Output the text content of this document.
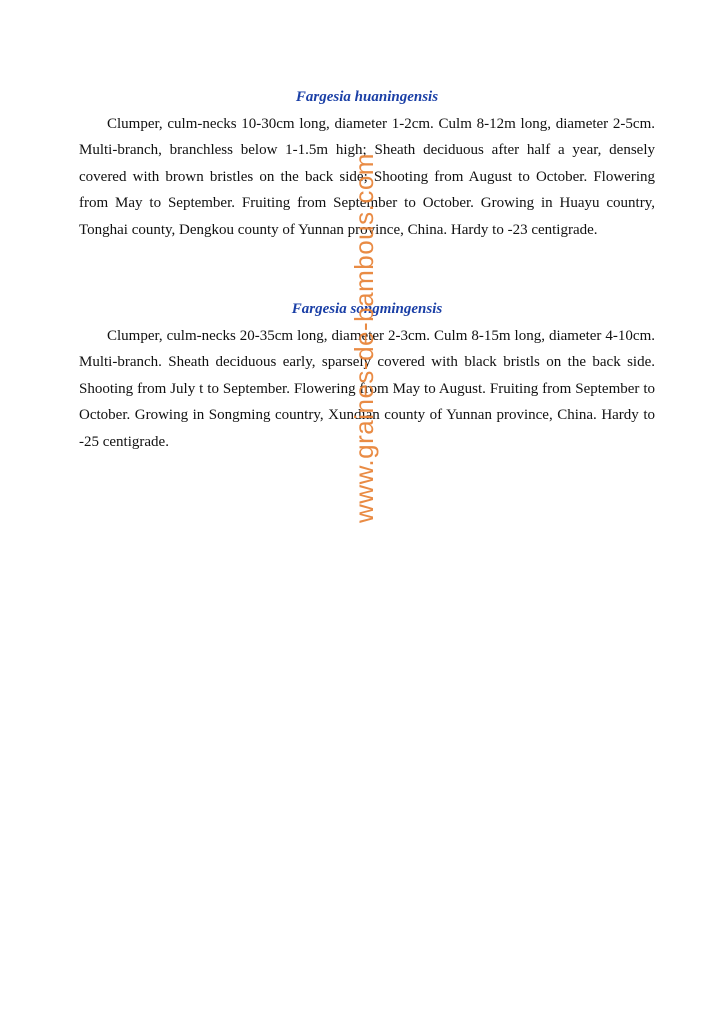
Fargesia huaningensis

Clumper, culm-necks 10-30cm long, diameter 1-2cm. Culm 8-12m long, diameter 2-5cm. Multi-branch, branchless below 1-1.5m high; Sheath deciduous after half a year, densely covered with brown bristles on the back side; Shooting from August to October. Flowering from May to September. Fruiting from September to October. Growing in Huayu country, Tonghai county, Dengkou county of Yunnan province, China. Hardy to -23 centigrade.

Fargesia songmingensis

Clumper, culm-necks 20-35cm long, diameter 2-3cm. Culm 8-15m long, diameter 4-10cm. Multi-branch. Sheath deciduous early, sparsely covered with black bristls on the back side. Shooting from July t to September. Flowering from May to August. Fruiting from September to October. Growing in Songming country, Xundian county of Yunnan province, China. Hardy to -25 centigrade.	www.graines-de-bambous.com
